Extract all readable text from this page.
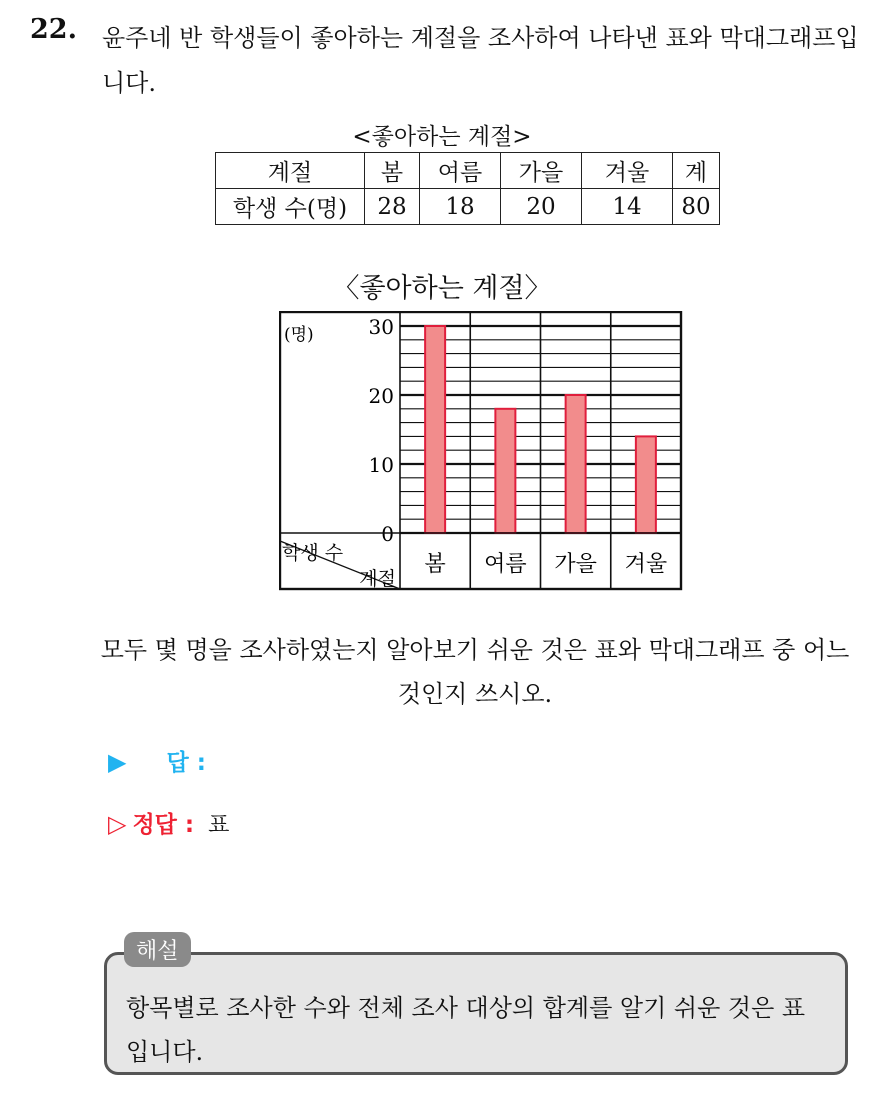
22. 윤주네 반 학생들이 좋아하는 계절을 조사하여 나타낸 표와 막대그래프입니다.
<좋아하는 계절>
계절	봄	여름	가을	겨울	계
학생 수(명)	28	18	20	14	80
〈좋아하는 계절〉
봄 여름 가을 겨울
0
10
20
30
(명)
학생 수
계절
모두 몇 명을 조사하였는지 알아보기 쉬운 것은 표와 막대그래프 중 어느 것인지 쓰시오.
▶ 답 :
▷ 정답 : 표
해설
항목별로 조사한 수와 전체 조사 대상의 합계를 알기 쉬운 것은 표입니다.
